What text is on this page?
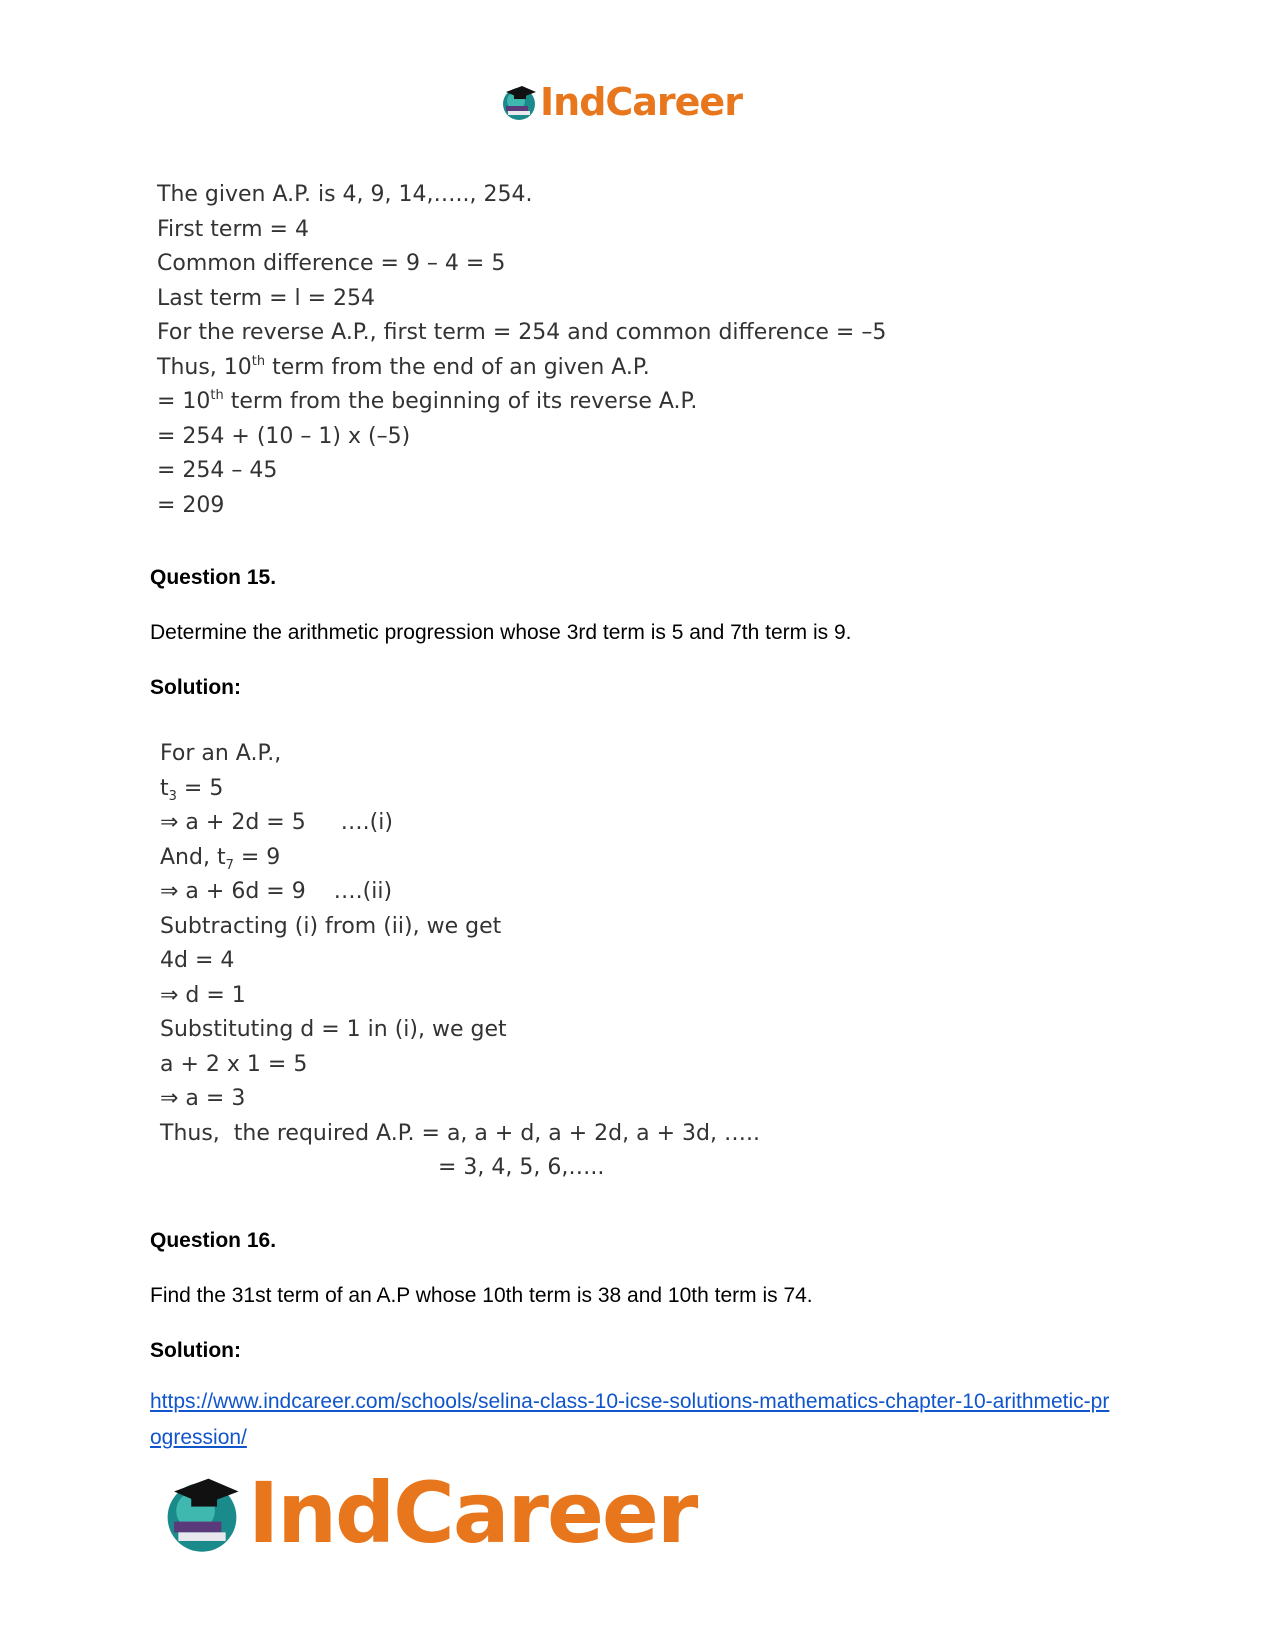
IndCareer
The given A.P. is 4, 9, 14,….., 254.
First term = 4
Common difference = 9 – 4 = 5
Last term = l = 254
For the reverse A.P., first term = 254 and common difference = –5
Thus, 10th term from the end of an given A.P.
= 10th term from the beginning of its reverse A.P.
= 254 + (10 – 1) x (–5)
= 254 – 45
= 209
Question 15.
Determine the arithmetic progression whose 3rd term is 5 and 7th term is 9.
Solution:
For an A.P.,
$t_3 = 5$
⇒ a + 2d = 5     ….(i)
And, $t_7 = 9$
⇒ a + 6d = 9    ….(ii)
Subtracting (i) from (ii), we get
4d = 4
⇒ d = 1
Substituting d = 1 in (i), we get
a + 2 x 1 = 5
⇒ a = 3
Thus,  the required A.P. = a, a + d, a + 2d, a + 3d, …..
= 3, 4, 5, 6,…..
Question 16.
Find the 31st term of an A.P whose 10th term is 38 and 10th term is 74.
Solution:
https://www.indcareer.com/schools/selina-class-10-icse-solutions-mathematics-chapter-10-arithmetic-progression/
IndCareer
